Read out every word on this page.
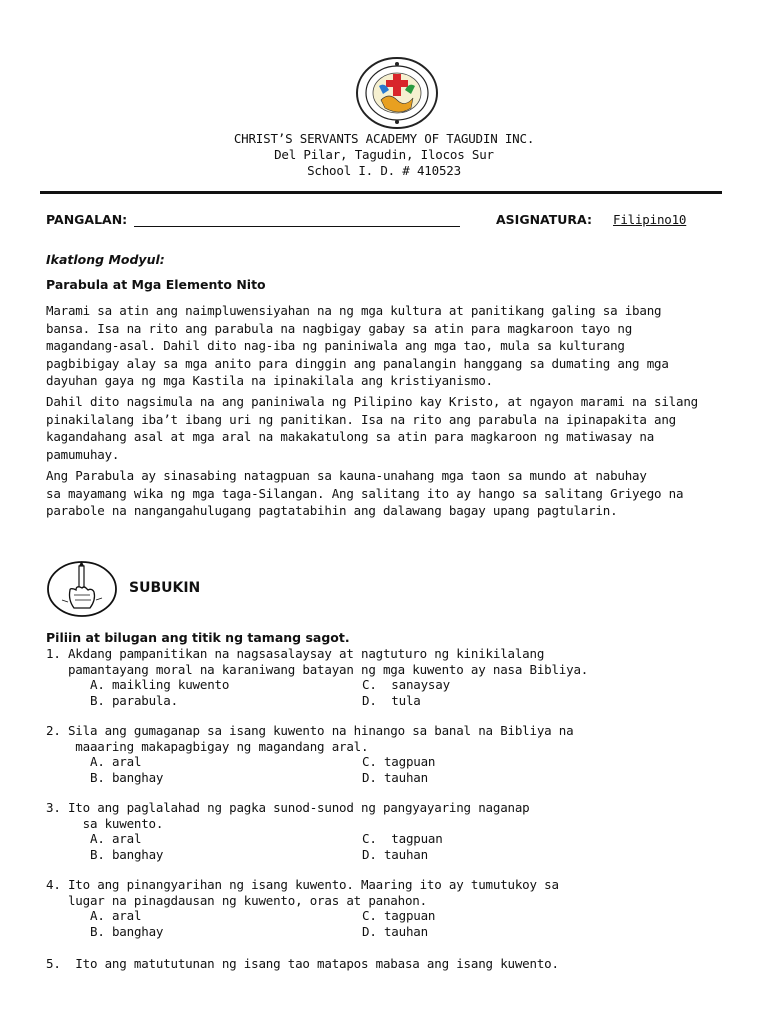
CHRIST’S SERVANTS ACADEMY OF TAGUDIN INC.
Del Pilar, Tagudin, Ilocos Sur
School I. D. # 410523
PANGALAN:	ASIGNATURA: Filipino10
Ikatlong Modyul:
Parabula at Mga Elemento Nito
Marami sa atin ang naimpluwensiyahan na ng mga kultura at panitikang galing sa ibang
bansa. Isa na rito ang parabula na nagbigay gabay sa atin para magkaroon tayo ng
magandang-asal. Dahil dito nag-iba ng paniniwala ang mga tao, mula sa kulturang
pagbibigay alay sa mga anito para dinggin ang panalangin hanggang sa dumating ang mga
dayuhan gaya ng mga Kastila na ipinakilala ang kristiyanismo.
Dahil dito nagsimula na ang paniniwala ng Pilipino kay Kristo, at ngayon marami na silang
pinakilalang iba’t ibang uri ng panitikan. Isa na rito ang parabula na ipinapakita ang
kagandahang asal at mga aral na makakatulong sa atin para magkaroon ng matiwasay na
pamumuhay.
Ang Parabula ay sinasabing natagpuan sa kauna-unahang mga taon sa mundo at nabuhay
sa mayamang wika ng mga taga-Silangan. Ang salitang ito ay hango sa salitang Griyego na
parabole na nangangahulugang pagtatabihin ang dalawang bagay upang pagtularin.
SUBUKIN
Piliin at bilugan ang titik ng tamang sagot.
1. Akdang pampanitikan na nagsasalaysay at nagtuturo ng kinikilalang
pamantayang moral na karaniwang batayan ng mga kuwento ay nasa Bibliya.
A. maikling kuwento	C.  sanaysay
B. parabula.	D.  tula
2. Sila ang gumaganap sa isang kuwento na hinango sa banal na Bibliya na
maaaring makapagbigay ng magandang aral.
A. aral	C. tagpuan
B. banghay	D. tauhan
3. Ito ang paglalahad ng pagka sunod-sunod ng pangyayaring naganap
sa kuwento.
A. aral	C.  tagpuan
B. banghay	D. tauhan
4. Ito ang pinangyarihan ng isang kuwento. Maaring ito ay tumutukoy sa
lugar na pinagdausan ng kuwento, oras at panahon.
A. aral	C. tagpuan
B. banghay	D. tauhan
5.  Ito ang matututunan ng isang tao matapos mabasa ang isang kuwento.
